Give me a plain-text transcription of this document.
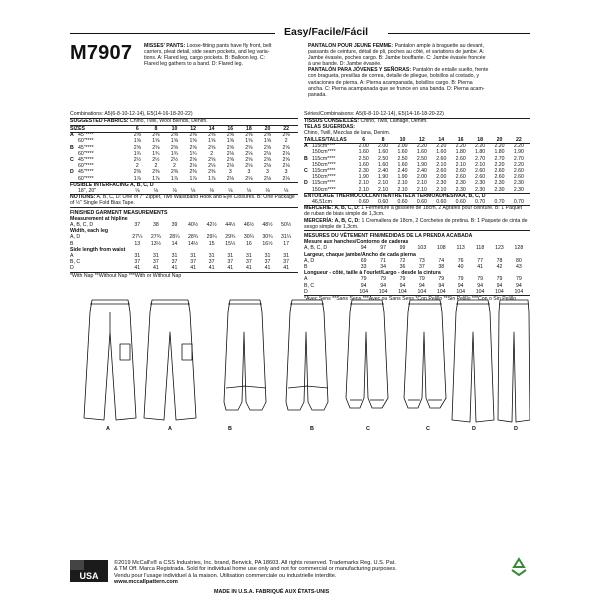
Easy/Facile/Fácil
M7907 MISSES' PANTS: Loose-fitting pants have fly front, belt
carriers, pleat detail, side seam pockets, and leg varia-
tions. A: Flared leg, cargo pockets. B: Balloon leg. C:
Flared leg gathers to a band. D: Flared leg.
PANTALON POUR JEUNE FEMME: Pantalon ample à braguette au devant,
passants de ceinture, détail de pli, poches au côté, et variations de jambe. A:
Jambe évasée, poches cargo. B: Jambe bouffante. C: Jambe évasée froncée
à une bande. D: Jambe évasée.
PANTALÓN PARA JÓVENES Y SEÑORAS: Pantalón de entalle suelto, frente
con bragueta, presillas de correa, detalle de pliegue, bolsillos al costado, y
variaciones de pierna. A: Pierna acampanada, bolsillos cargo. B: Pierna
ancha. C: Pierna acampanada que se frunce en una banda. D: Pierna acam-
panada.
Combinations: A5(6-8-10-12-14), E5(14-16-18-20-22)
SUGGESTED FABRICS: Chino, Twill, Wool Blends, Denim.
SIZES	6	8	10	12	14	16	18	20	22
A 45"****	2⅜	2⅜	2⅜	2⅜	2⅜	2⅜	2⅜	2⅜	2⅜
60"****	1⅝	1⅝	1⅝	1⅝	1⅝	1⅝	1⅝	1⅝	2
B 45"****	2⅝	2⅝	2⅝	2⅝	2⅝	2⅝	2⅝	2⅝	2⅝
60"****	1¾	1¾	1¾	1¾	2	2⅛	2⅛	2⅛	2⅛
C 45"****	2½	2½	2½	2⅝	2⅝	2⅝	2⅝	2⅝	2⅝
60"****	2	2	2	2⅛	2⅛	2⅛	2⅛	2⅛	2⅛
D 45"****	2⅜	2⅜	2⅜	2⅜	2⅜	3	3	3	3
60"****	1⅞	1⅞	1⅞	1⅞	1⅞	2⅛	2⅛	2⅛	2⅛
FUSIBLE INTERFACING A, B, C, D
18", 20"	⅛	⅛	⅛	⅛	⅛	⅛	⅛	⅛	⅛
NOTIONS: A, B, C, D: One of 7" Zipper, Two Waistband Hook and Eye Closures. B: One Package of ½" Single Fold Bias Tape.
FINISHED GARMENT MEASUREMENTS
Measurement at hipline
A, B, C, D	37	38	39	40½	42½	44½	46½	48½	50½
Width, each leg
A, D	27¼	27¾	28¼	28¾	29¼	29¾	30¼	30¾	31¼
B	13	13½	14	14½	15	15½	16	16½	17
Side length from waist
A	31	31	31	31	31	31	31	31	31
B, C	37	37	37	37	37	37	37	37	37
D	41	41	41	41	41	41	41	41	41
*With Nap **Without Nap ***With or Without Nap
Séries/Combinaisons: A5(6-8-10-12-14), E5(14-16-18-20-22)
TISSUS CONSEILLÉS: Chino, Twill, Lainage, Denim.
TELAS SUGERIDAS:
Chino, Twill, Mezclas de lana, Denim.
TAILLES/TALLAS	6	8	10	12	14	16	18	20	22
A 115cm****	2.00	2.00	2.00	2.20	2.20	2.20	2.20	2.20	2.20
150cm****	1.60	1.60	1.60	1.60	1.60	1.80	1.80	1.80	1.90
B 115cm****	2.50	2.50	2.50	2.50	2.60	2.60	2.70	2.70	2.70
150cm****	1.60	1.60	1.60	1.90	2.10	2.10	2.10	2.20	2.20
C 115cm****	2.30	2.40	2.40	2.40	2.60	2.60	2.60	2.60	2.60
150cm****	1.90	1.90	1.90	2.00	2.00	2.60	2.60	2.60	2.60
D 115cm****	2.10	2.10	2.10	2.10	2.30	2.30	2.30	2.30	2.30
150cm****	2.10	2.10	2.10	2.10	2.10	2.30	2.30	2.30	2.30
ENTOILAGE THERMOCOLLANT/ENTRETELA TERMOADHESIVAA, B, C, D
46,51cm	0.60	0.60	0.60	0.60	0.60	0.60	0.70	0.70	0.70
MERCERIE: A, B, C, D: 1 Fermeture à glissière de 18cm, 2 Agrafes pour ceinture. B: 1 Paquet de ruban de biais simple de 1,3cm.
MERCERÍA: A, B, C, D: 1 Cremallera de 18cm, 2 Corchetes de pretina. B: 1 Paquete de cinta de sesgo simple de 1,3cm.
MESURES DU VÊTEMENT FINI/MEDIDAS DE LA PRENDA ACABADA
Mesure aux hanches/Contorno de caderas
A, B, C, D	94	97	99	103	108	113	118	123	128
Largeur, chaque jambe/Ancho de cada pierna
A, D	69	71	72	73	74	76	77	78	80
B	33	34	36	37	38	40	41	42	43
Longueur - côté, taille à l'ourlet/Largo - desde la cintura
A	79	79	79	79	79	79	79	79	79
B, C	94	94	94	94	94	94	94	94	94
D	104	104	104	104	104	104	104	104	104
*Avec Sens **Sans Sens ***Avec ou Sans Sens *Con Pelillo **Sin Pelillo ***Con o Sin Pelillo
A	A	B	B	C	C	D	D
USA
©2019 McCall's® a CSS Industries, Inc. brand, Berwick, PA 18603. All rights reserved. Trademarks Reg. U.S. Pat.
& TM Off. Marca Registrada. Sold for individual home use only and not for commercial or manufacturing purposes.
Vendu pour l'usage individuel à la maison. Utilisation commerciale ou industrielle interdite.
www.mccallpattern.com
MADE IN U.S.A. FABRIQUÉ AUX ÉTATS-UNIS
